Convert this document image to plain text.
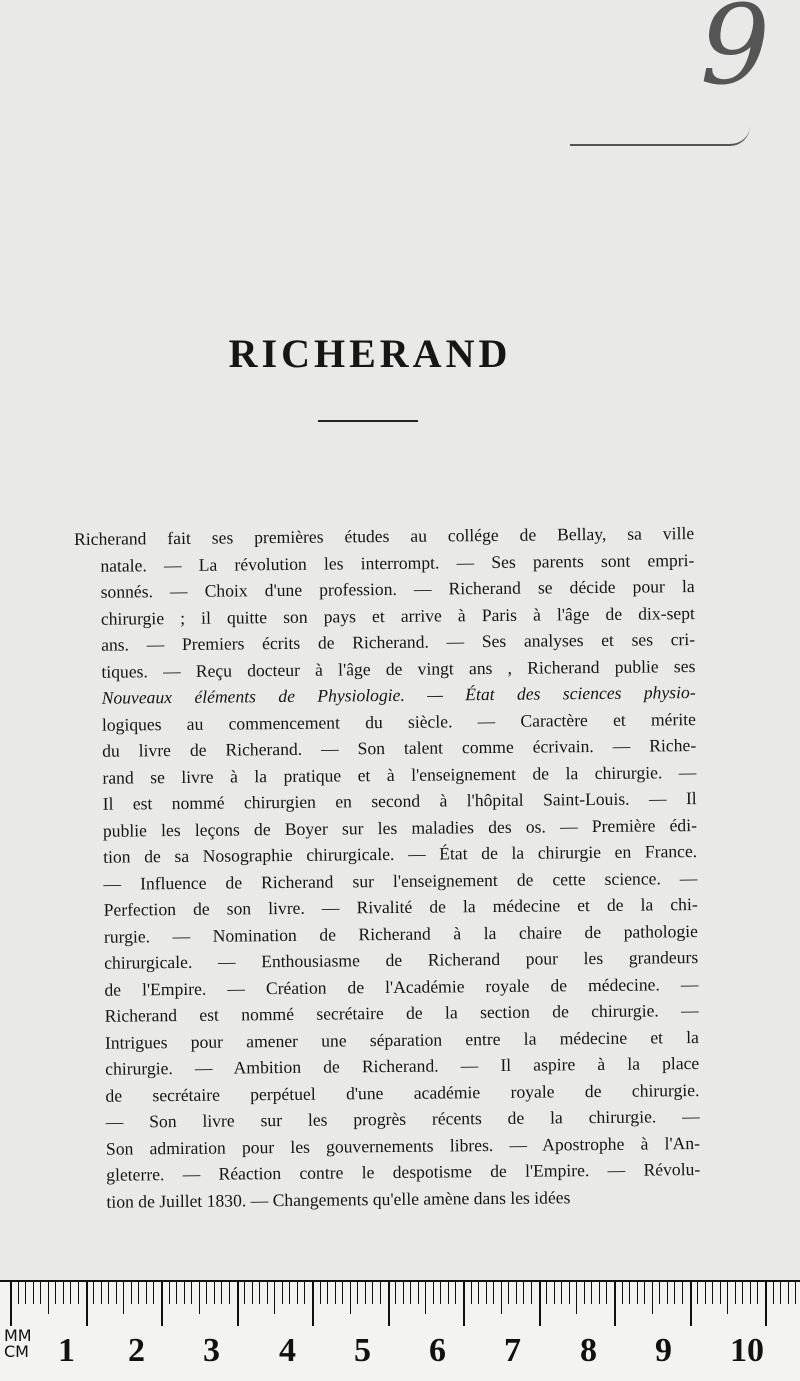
9
RICHERAND
Richerand fait ses premières études au collége de Bellay, sa ville
natale. — La révolution les interrompt. — Ses parents sont empri-
sonnés. — Choix d'une profession. — Richerand se décide pour la
chirurgie ; il quitte son pays et arrive à Paris à l'âge de dix-sept
ans. — Premiers écrits de Richerand. — Ses analyses et ses cri-
tiques. — Reçu docteur à l'âge de vingt ans , Richerand publie ses
Nouveaux éléments de Physiologie. — État des sciences physio-
logiques au commencement du siècle. — Caractère et mérite
du livre de Richerand. — Son talent comme écrivain. — Riche-
rand se livre à la pratique et à l'enseignement de la chirurgie. —
Il est nommé chirurgien en second à l'hôpital Saint-Louis. — Il
publie les leçons de Boyer sur les maladies des os. — Première édi-
tion de sa Nosographie chirurgicale. — État de la chirurgie en France.
— Influence de Richerand sur l'enseignement de cette science. —
Perfection de son livre. — Rivalité de la médecine et de la chi-
rurgie. — Nomination de Richerand à la chaire de pathologie
chirurgicale. — Enthousiasme de Richerand pour les grandeurs
de l'Empire. — Création de l'Académie royale de médecine. —
Richerand est nommé secrétaire de la section de chirurgie. —
Intrigues pour amener une séparation entre la médecine et la
chirurgie. — Ambition de Richerand. — Il aspire à la place
de secrétaire perpétuel d'une académie royale de chirurgie.
— Son livre sur les progrès récents de la chirurgie. —
Son admiration pour les gouvernements libres. — Apostrophe à l'An-
gleterre. — Réaction contre le despotisme de l'Empire. — Révolu-
tion de Juillet 1830. — Changements qu'elle amène dans les idées
MM
CM 1 2 3 4 5 6 7 8 9 10
